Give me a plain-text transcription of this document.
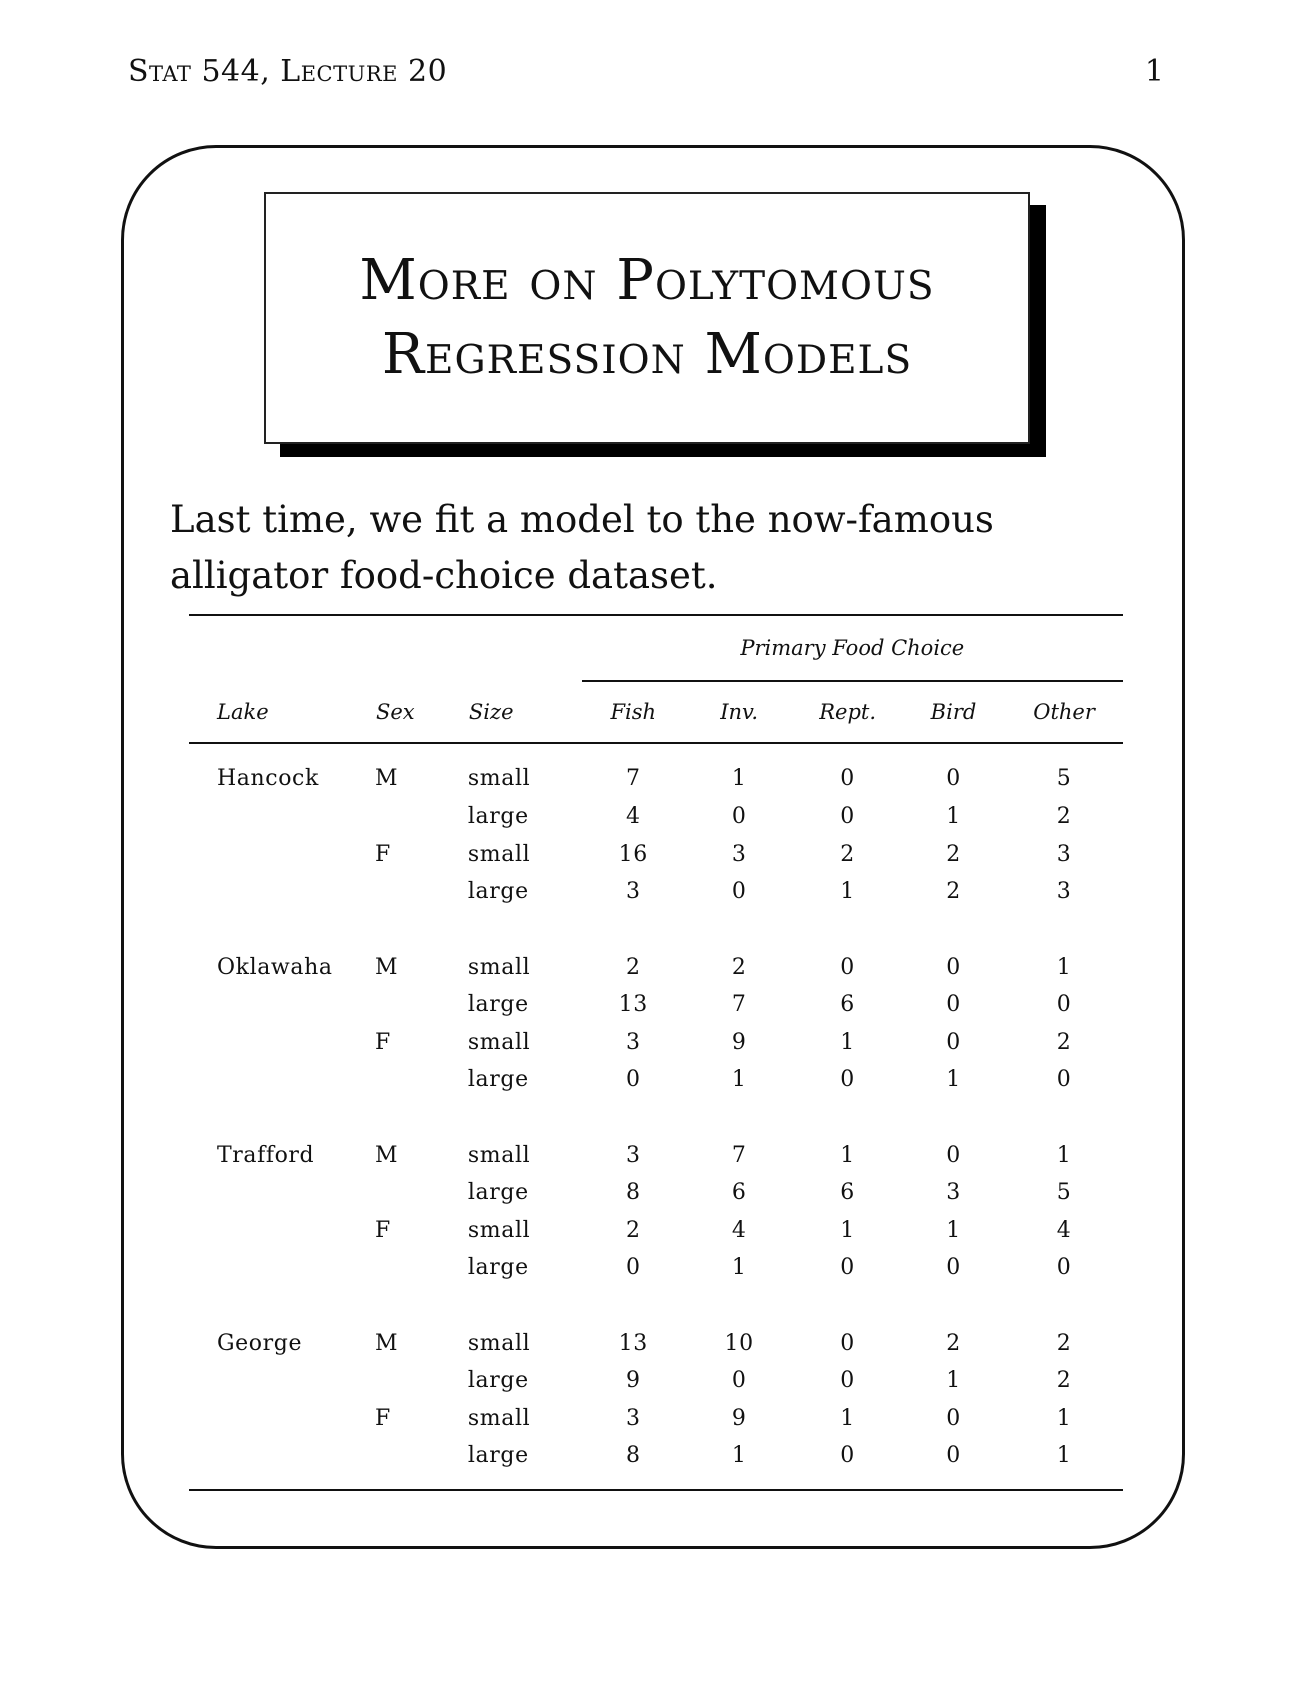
Stat 544, Lecture 20	1
More on Polytomous
Regression Models
Last time, we fit a model to the now-famous alligator food-choice dataset.
			Primary Food Choice				
Lake	Sex	Size	Fish	Inv.	Rept.	Bird	Other
Hancock	M	small	7	1	0	0	5
		large	4	0	0	1	2
	F	small	16	3	2	2	3
		large	3	0	1	2	3

Oklawaha	M	small	2	2	0	0	1
		large	13	7	6	0	0
	F	small	3	9	1	0	2
		large	0	1	0	1	0

Trafford	M	small	3	7	1	0	1
		large	8	6	6	3	5
	F	small	2	4	1	1	4
		large	0	1	0	0	0

George	M	small	13	10	0	2	2
		large	9	0	0	1	2
	F	small	3	9	1	0	1
		large	8	1	0	0	1
